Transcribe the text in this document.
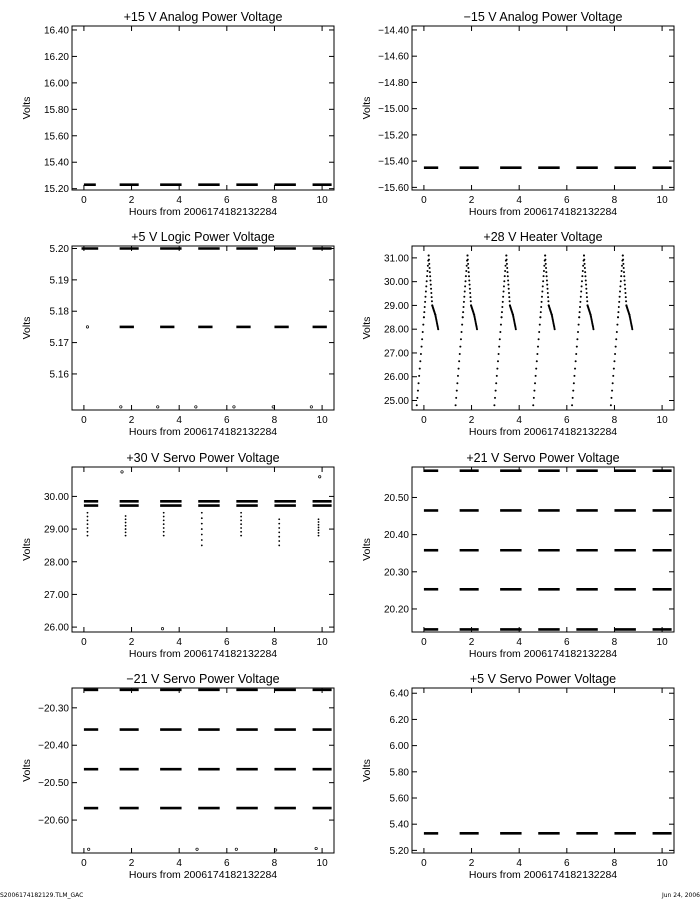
+15 V Analog Power Voltage
0	2	4	6	8	10
15.20
15.40
15.60
15.80
16.00
16.20
16.40
Hours from 2006174182132284
Volts
−15 V Analog Power Voltage
0	2	4	6	8	10
−14.40
−14.60
−14.80
−15.00
−15.20
−15.40
−15.60
Hours from 2006174182132284
Volts
+5 V Logic Power Voltage
0	2	4	6	8	10
5.16
5.17
5.18
5.19
5.20
Hours from 2006174182132284
Volts
+28 V Heater Voltage
0	2	4	6	8	10
25.00
26.00
27.00
28.00
29.00
30.00
31.00
Hours from 2006174182132284
Volts
+30 V Servo Power Voltage
0	2	4	6	8	10
26.00
27.00
28.00
29.00
30.00
Hours from 2006174182132284
Volts
+21 V Servo Power Voltage
0	2	4	6	8	10
20.20
20.30
20.40
20.50
Hours from 2006174182132284
Volts
−21 V Servo Power Voltage
0	2	4	6	8	10
−20.30
−20.40
−20.50
−20.60
Hours from 2006174182132284
Volts
+5 V Servo Power Voltage
0	2	4	6	8	10
5.20
5.40
5.60
5.80
6.00
6.20
6.40
Hours from 2006174182132284
Volts
S2006174182129.TLM_GAC	Jun 24, 2006
